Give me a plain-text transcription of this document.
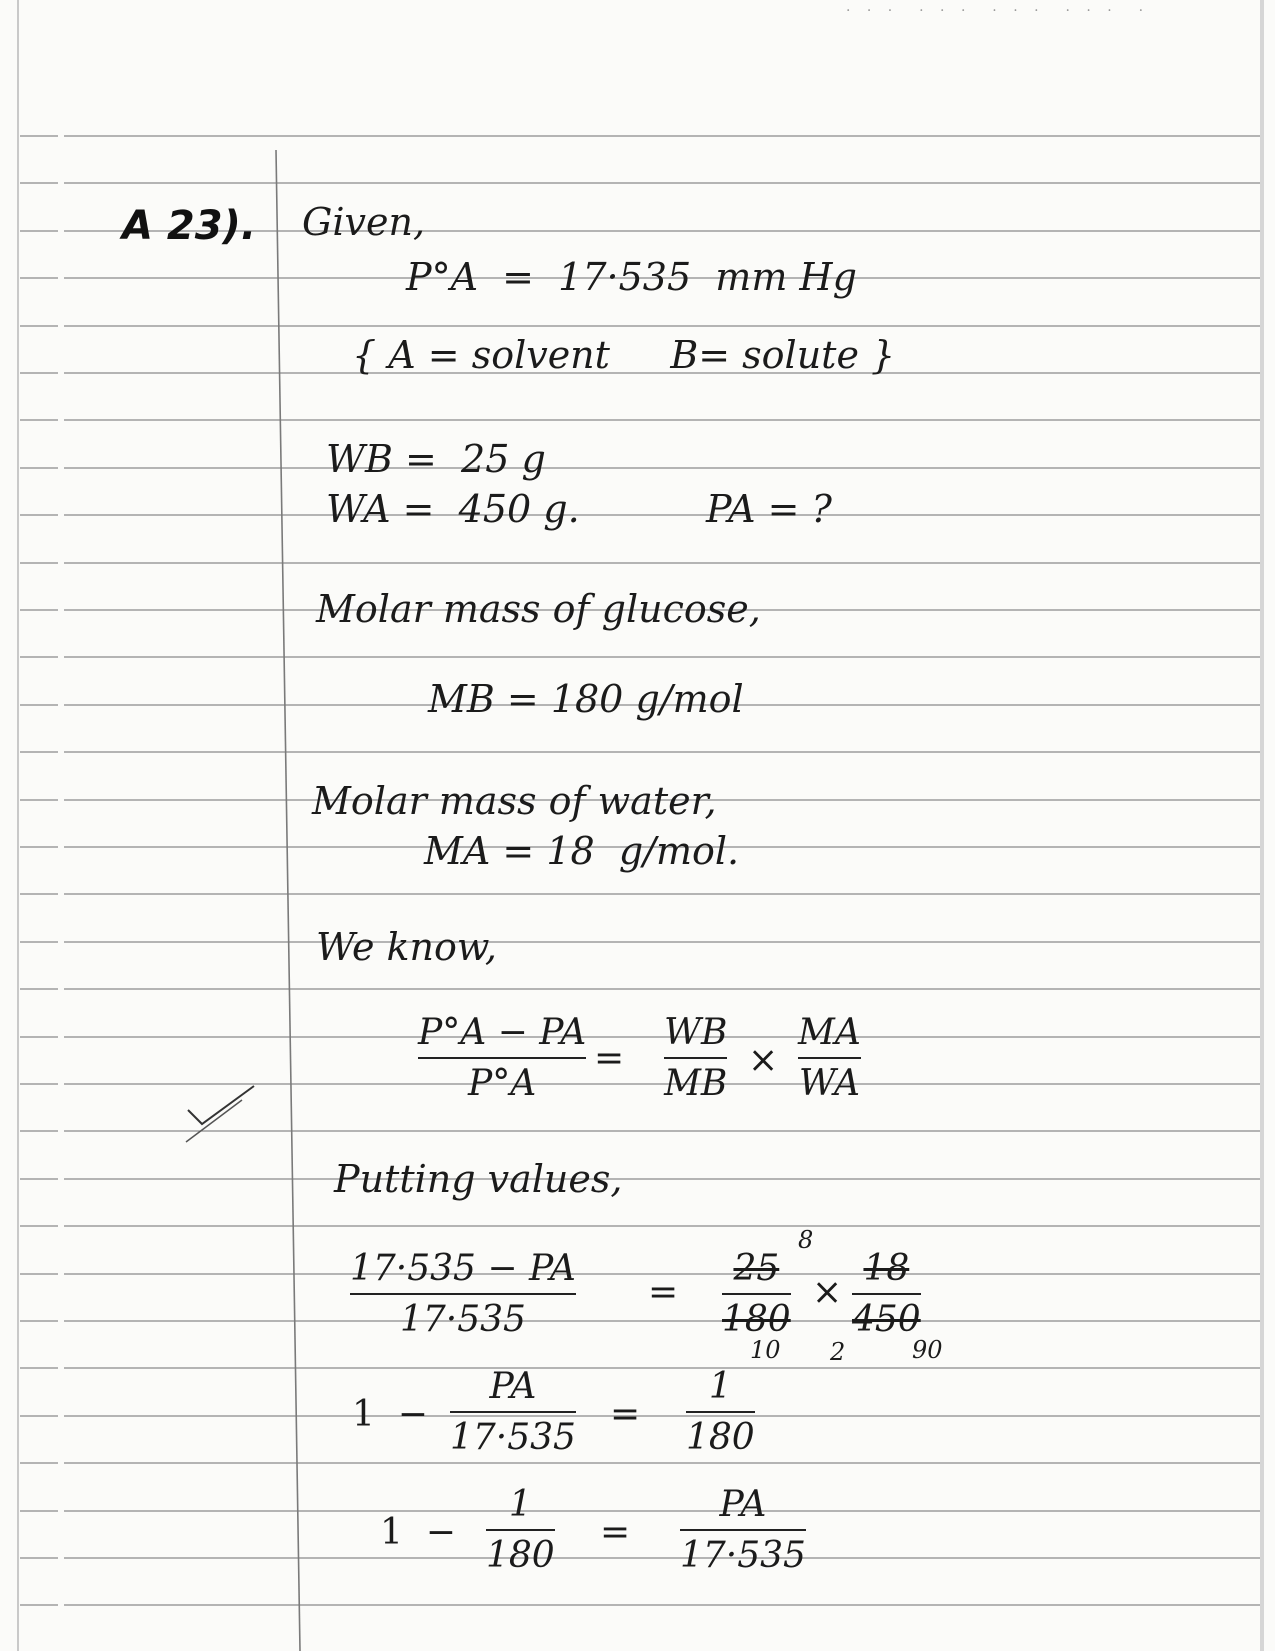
· · ·  · · ·  · · ·  · · ·  ·
A 23). Given,
P°A  =  17·535  mm Hg
{ A = solvent     B= solute }
WB =  25 g
WA =  450 g.	PA = ?
Molar mass of glucose,
MB = 180 g/mol
Molar mass of water,
MA = 18  g/mol.
We know,
P°A − PA
P°A
=
WB
MB
×
MA
WA
Putting values,
17·535 − PA
17·535
=
8
25
180
10 2
×
18
450
90
1  −
PA
17·535
=
1
180
1  −
1
180
=
PA
17·535
